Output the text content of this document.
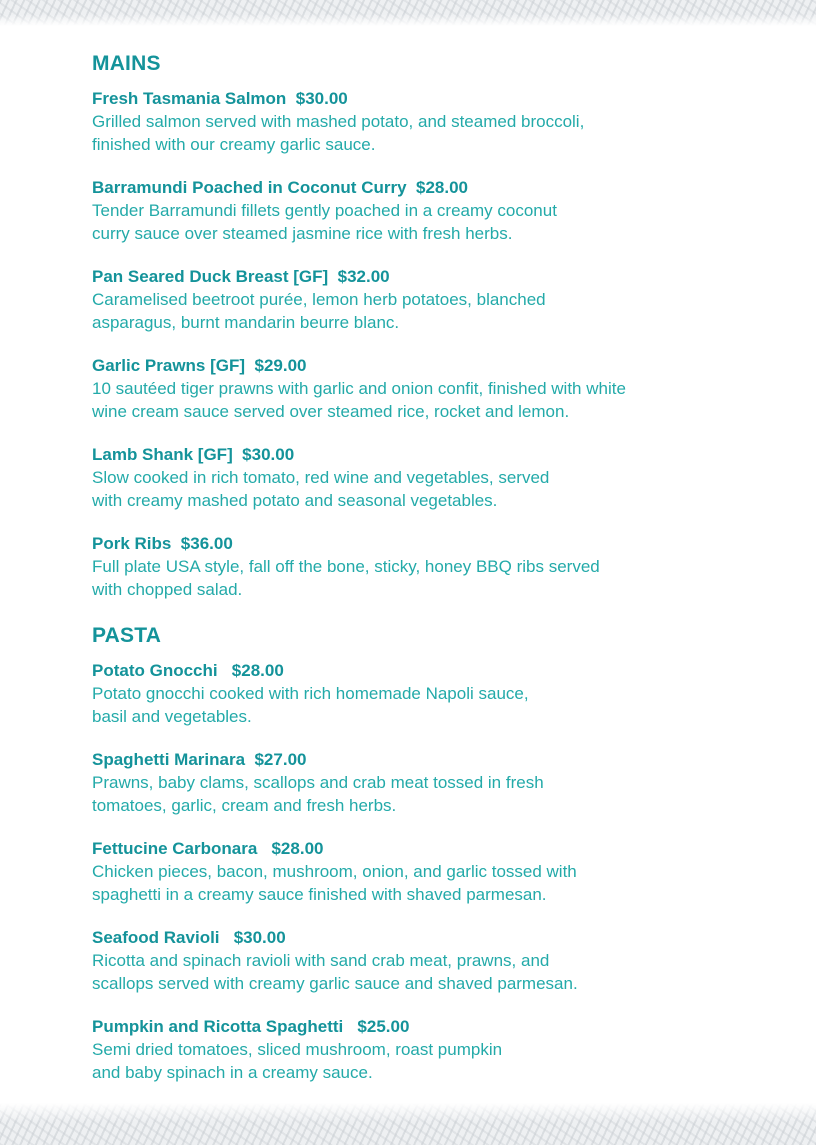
MAINS
Fresh Tasmania Salmon  $30.00
Grilled salmon served with mashed potato, and steamed broccoli,
finished with our creamy garlic sauce.
Barramundi Poached in Coconut Curry  $28.00
Tender Barramundi fillets gently poached in a creamy coconut
curry sauce over steamed jasmine rice with fresh herbs.
Pan Seared Duck Breast [GF]  $32.00
Caramelised beetroot purée, lemon herb potatoes, blanched
asparagus, burnt mandarin beurre blanc.
Garlic Prawns [GF]  $29.00
10 sautéed tiger prawns with garlic and onion confit, finished with white
wine cream sauce served over steamed rice, rocket and lemon.
Lamb Shank [GF]  $30.00
Slow cooked in rich tomato, red wine and vegetables, served
with creamy mashed potato and seasonal vegetables.
Pork Ribs  $36.00
Full plate USA style, fall off the bone, sticky, honey BBQ ribs served
with chopped salad.
PASTA
Potato Gnocchi   $28.00
Potato gnocchi cooked with rich homemade Napoli sauce,
basil and vegetables.
Spaghetti Marinara  $27.00
Prawns, baby clams, scallops and crab meat tossed in fresh
tomatoes, garlic, cream and fresh herbs.
Fettucine Carbonara   $28.00
Chicken pieces, bacon, mushroom, onion, and garlic tossed with
spaghetti in a creamy sauce finished with shaved parmesan.
Seafood Ravioli   $30.00
Ricotta and spinach ravioli with sand crab meat, prawns, and
scallops served with creamy garlic sauce and shaved parmesan.
Pumpkin and Ricotta Spaghetti   $25.00
Semi dried tomatoes, sliced mushroom, roast pumpkin
and baby spinach in a creamy sauce.
